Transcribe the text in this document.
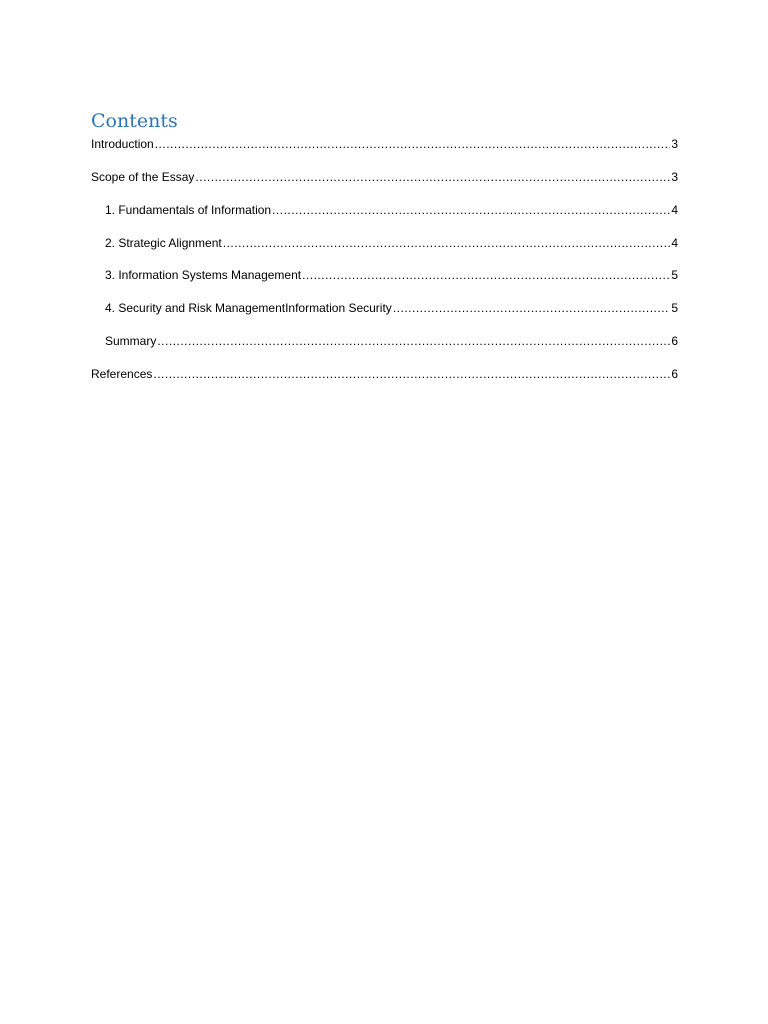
Contents
Introduction .....	3
Scope of the Essay .....	3
1. Fundamentals of Information .....	4
2. Strategic Alignment .....	4
3. Information Systems Management .....	5
4. Security and Risk ManagementInformation Security .....	5
Summary .....	6
References .....	6
